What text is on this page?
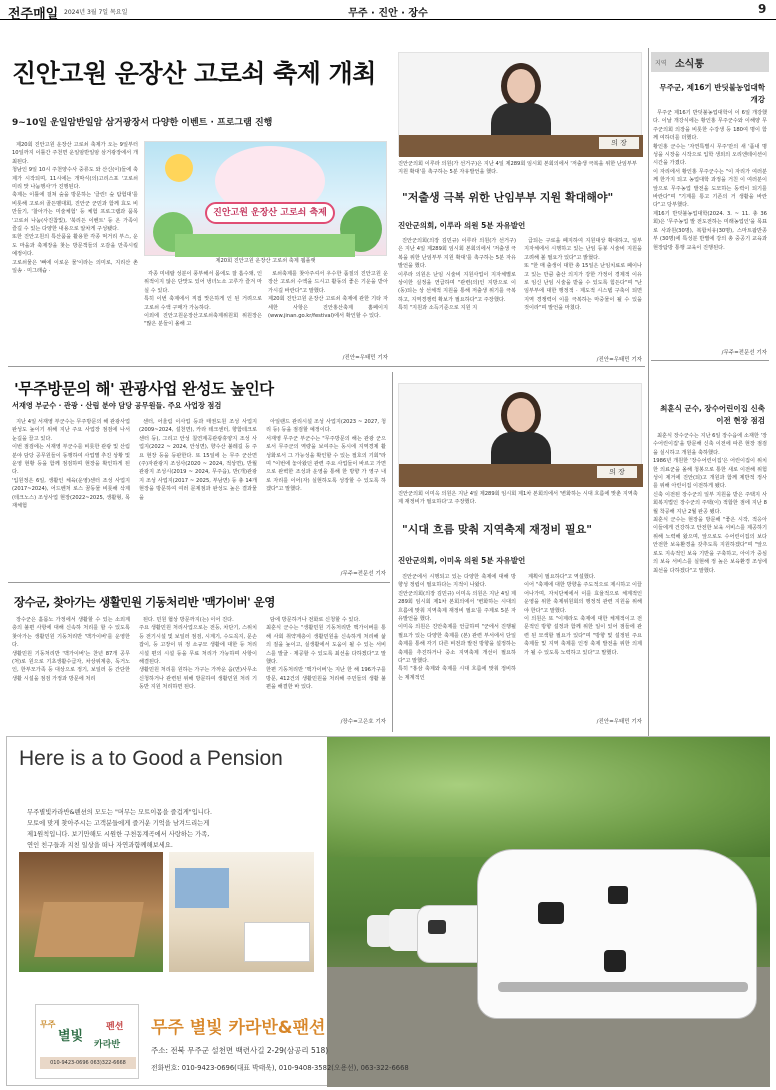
전주매일 2024년 3월 7일 목요일	무주 · 진안 · 장수	9
진안고원 운장산 고로쇠 축제 개최
9~10일 운일암반일암 삼거광장서 다양한 이벤트 · 프로그램 진행
제20회 진안고원 운장산 고로쇠 축제가 오는 9일부터 10일까지 이틀간 주천면 운일암반일암 삼거광장에서 개최된다.
청남인 9일 10시 주천양수사 중류도 와 산신(이)들에 축제가 시작되며, 11시에는 개막식(의)고리스포 '고로쇠 미리 맛 나눔행사'가 진행된다.
축제는 이틀에 걸쳐 숲을 방문하는 '클린! 숲 탐험대'를 비롯해 고로쇠 골든벨대회, 진안군 군민과 함께 효도 비 만들기, '찰아가는 미술체험' 등 체험 프로그램과 품목 '고로쇠 나눔(사진참빛), '북리든 이벤트' 등 온 가족이 즐길 수 있는 다양한 내용으로 알차게 구성됐다.
또한 진안고원의 특산품을 활용한 각종 먹거리 부스, 운도 마을과 축제장을 찾는 방문객들의 오감을 만족시킬 예정이다.
고로쇠물은 '뼈에 이로운 물'이라는 의미로, 지리산 촌 일송 · 미그래슘 ·
진안고원 운장산 고로쇠 축제
제20회 진안고원 운장산 고로쇠 축제 웹플랫
각종 미네랄 성분이 풍부해서 몸에도 잘 흡수돼, 인위적이지 않은 단맛도 있어 냉녀노소 고루가 즐겨 마실 수 있다.
특히 이번 축제에서 직접 맛은하게 인 된 거려으로 고로쇠 수액 구매가 가능하다.
이외에 진안고원운장산고로쇠축제위원회 위원장은 "많은 분들이 올해 고
로쇠축제를 찾아주셔서 우수한 품질의 진안고원 운장산 고로쇠 수액을 드시고 활동의 좋은 기운을 받아가시길 바란다"고 말했다.
제20회 진안고원 운장산 고로쇠 축제에 관한 기타 자세한 사항은 진안홍산축제 홈페이지(www.jinan.go.kr/festival)에서 확인할 수 있다.
/진안=우태민 기자
의 장
진안군의회 이루라 의원(가 선거구)은 지난 4일 제289회 임시회 본회의에서 '저출생 극복을 위한 난임부부 지원 확대'를 촉구하는 5분 자유발언을 했다.
"저출생 극복 위한 난임부부 지원 확대해야"
진안군의회, 이루라 의원 5분 자유발언
진안군의회(의장 김민규) 이루라 의원(가 선거구)은 지난 4일 제289회 임시회 본회의에서 '저출생 극복을 위한 난임부부 지원 확대'를 촉구하는 5분 자유발언을 했다.
이루라 의원은 난임 시술비 지원사업이 지자체별로 상이한 실정을 연급하며 "관련(의)인 지방으로 이(동)되는 상 선체적 지원을 통해 저출생 위기를 극복하고, 지역경쟁력 확보가 필요하다"고 주장했다.
특히 "지원과 소득기준으로 지원 지
급되는 구로을 폐지하여 지원대상 확대하고, 일부 지자체에서 시행하고 있는 난임 등봉 시술비 지원을 고려해 볼 필요가 있다"고 밝혔다.
또 "한 매 출생이 대한 총 15일은 난임치료로 폐이나고 있는 만큼 출산 의지가 강한 가정이 경제적 이유로 임신 난임 시술을 받을 수 있도록 힘든다"며 "난임부부에 대한 행정적 · 제도적 시스템 구축이 되면 지역 경쟁력이 이를 극복하는 마중물이 될 수 있을 것이라"며 발언을 마쳤다.
/진안=우태민 기자
지역 소식통
무주군, 제16기 반딧불농업대학 개강
무주군 제16기 반딧불농업대학이 이 6일 개강했다. 이날 개강식에는 황인홍 무주군수와 이해양 무주군의회 의장을 비롯한 수강생 등 180여 명이 함께 여하더를 더했다.
황인홍 군수는 '자연특별시 무주'만의 새 '품내 명성을 시장을 시작으로 입학 생외의 오리엔테이션이 시간을 가졌다.
이 자리에서 황인홍 무주군수는 "이 자리가 여러분께 한가지 되고 농업대학 과정을 거친 이 여러분이 앞으로 무주농업 발전을 도모하는 동력이 되기를 바란다"며 "기계를 통고 기존의 거 생활을 바란다"고 당부했다.
제16기 반딧불농업대학(2024. 3. ~ 11. 총 36회)은 '무주농업 발 전도전하는 미래농업인'을 목표로 사과원(30명), 복합치유(30명), 스마트팜반종부 (30명)에 특성분 반별에 강의 총 중공기 교육과 현장탐방 통행 교육이 진행된다.
/무주=전문선 기자
최훈식 군수, 장수어린이집 신축 이전 현장 점검
최훈식 장수군수는 지난 6일 장수읍에 소재한 '장수어린이집'을 방문해 신축 이전에 따른 현장 점검을 실시하고 개원을 축하했다.
1986년 개원한 '장수어린이집'은 어린이집이 위치한 의료군을 올해 청봉으로 통한 새로 이전해 위험성이 제거에 진안(되)고 개원과 함께 제반적 정사를 위해 아린이집 이전하게 됐다.
신축 이전된 장수군의 일부 지원을 받은 주택지 사회복지법인 장수군의 주택(이) 적합한 점에 지난 8월 착공해 지난 2월 완공 됐다.
최훈식 군수는 현장을 방문해 "좋은 시작, 적응아이들에게 건강하고 안전한 보육 서비스를 제공하기 위해 노력해 왔으며, 앞으로도 수어린이집의 보다 안전한 보육환경을 갖추도록 지원하겠다"며 "앞으로도 지속적인 보육 기반을 구축하고, 아이가 중심의 보육 서비스를 실현해 정 높은 보육환경 조성에 최선을 다하겠다"고 말했다.
'무주방문의 해' 관광사업 완성도 높인다
서재영 부군수 · 관광 · 산림 분야 담당 공무원들. 주요 사업장 점검
지난 4일 서재영 부군수는 무주방문의 해 관광사업 완성도 높이기 위해 지난 주요 사업장 점검에 나서 눈길을 끌고 있다.
이번 점검에는 서재영 부군수를 비롯한 관광 및 산림 분야 담당 공무원들이 동행하여 사업별 추진 상황 및 운영 현황 등을 함께 점검하며 현장을 확인하게 된다.
'입원정은 6일, 생활인 체육(운영)센터 조성 사업지(2017~2024), 어드벤처 로스 꿈동물 비롯해 삭제(테크노스) 조성사업 현장(2022~2025, 생활형, 목재체험
센터, 어울림 이사업 등과 태권도원 조성 사업지(2009~2024, 설천면), 카라 테크센터, 향함테크로센터 등), 그리고 안성 칠연계곡관광휴양지 조성 사업지(2022 ~ 2024, 안성면), 향수산 불레길 등 주요 현장 등을 등판한다. 또 15일에 는 무주 군산면(주)자관광지 조성사(2020 ~ 2024, 적상면), 반월관광지 조성시(2019 ~ 2024, 무주읍), 반(개)관광지 조성 사업지(2017 ~ 2025, 부남면) 등 총 14개 현장을 방문하여 여러 문제점과 완성도 높은 결과물을
아일랜드 관리시설 조성 사업지(2023 ~ 2027, 청리 등) 등을 점검할 예정이다.
서재영 무주군 부군수는 "무주방문의 해는 관광 군으로서 무주군의 역량을 보여주는 동시에 지역경제 활성화로서 그 가능성을 확인할 수 있는 절호의 기회"라며 "이번에 놓아왔던 관련 주요 사업들이 바르고 가면으로 완벽한 조성과 운영을 통해 한 방향 가 영구 내로 자리를 이어(자) 실현하도록 성장할 수 있도록 하겠다"고 말했다.
/무주=전문선 기자
의 장
진안군의회 이미옥 의원은 지난 4일 제289회 임시회 제1차 본회의에서 '변화하는 시대 흐름에 맞춘 지역축제 재정비가 필요하다'고 주장했다.
"시대 흐름 맞춰 지역축제 재정비 필요"
진안군의회, 이미옥 의원 5분 자유발언
진안군에서 시행되고 있는 다양한 축제에 대해 방향성 정립이 필요하다는 지적이 나왔다.
진안군의회(의장 김민규) 이미옥 의원은 지난 4일 제289회 임시회 제1차 본회의에서 '변화하는 시대의 흐름에 맞춰 지역축제 재정비 필요'를 주제로 5분 자유발언을 했다.
이미옥 의원은 진안축제를 언급하며 "군에서 진행될 필요가 있는 다양한 축제를 (본) 관련 부서에서 단일 축제를 통해 각기 다른 비전과 발전 방향을 설정하는 축제를 추진하거나 중소 지역축제 개선이 필요하다"고 말했다.
특히 "홍삼 축제와 축제를 시대 흐름에 맞춰 정비하는 제계적인
계획이 필요하다"고 역설했다.
이어 "축제에 대한 방향을 주도적으로 제시하고 이끌어나가며, 자치단체에서 이를 효율적으로 체계적인 운영을 위한 축제위원회의 행정적 관련 지원을 위해야 한다"고 말했다.
이 의원은 또 "이제라도 축제에 대한 체계적이고 전문적인 방향 설정과 함께 위한 일이 있어 점들에 관련 된 모색할 필요가 있다"며 "방향 및 설정된 주요 축제들 및 지역 축제를 인정 축제 발전을 위한 의제가 될 수 있도록 노력하고 있다"고 말했다.
/진안=우태민 기자
장수군, 찾아가는 생활민원 기동처리반 '맥가이버' 운영
장수군은 홀몸노 가정에서 생활할 수 있는 소외계층의 불편 사항에 대해 신속하 처리를 할 수 있도록 찾아가는 생활민원 기동처리반 '맥가이버'를 운영한다.
생활민원 기동처리반 '맥가이버'는 찬년 87개 공무(처)로 원으로 기초생활수급자, 차상위계층, 독거노인, 한부모가족 등 대상으로 정기, 보일러 등 간단한 생활 시설을 점검 가정과 방문에 처리
된다. 민원 협상 방문까지(는) 이어 진다.
주요 생활민원 처리사업으로는 전등, 차단기, 스위치 등 전기시설 및 보일러 점검, 시계기, 수도꼭지, 문손잡이, 등 고장이 뒤 정 소규모 생활에 대한 등 처리 시설 편의 시설 등을 무료 처리가 가능하며 사항이 해결된다.
생활민원 처리를 원하는 가구는 가까운 읍(면)사무소 신청하거나 관련된 위해 방문하여 생활민원 처리 기동반 지원 처리하면 된다.
담에 방문하거나 전화로 신청할 수 있다.
최훈식 군수는 "생활민원 기동처리반 맥가이버를 통해 사회 취약계층이 생활민원을 신속하게 처리해 삶의 질을 높이고, 실생활에서 도움이 될 수 있는 서비스를 발굴 · 제공할 수 있도록 최선을 다하겠다"고 말했다.
한편 기동처리반 '맥가이버'는 지난 한 해 196가구를 방문, 412건의 생활민원을 처리해 주민들의 생활 불편을 해결한 바 있다.
/장수=고은호 기자
Here is a to Good a Pension
무주별빛카라반&펜션의 모도는 "머무는 모트이몸을 즐겁게"입니다.
모토에 맞게 찾아주시는 고객분들에게 즐거운 기억을 남겨드리는게
제1원칙입니다. 보기만해도 시원한 구천동계곡에서 사랑하는 가족,
연인 친구들과 지친 일상을 떠나 자연과함께해보세요.
무주
별빛
펜션
카라반
010-9423-0696 063)322-6668
무주 별빛 카라반&팬션
주소: 전북 무주군 설천면 백련사길 2-29(삼공리 518)
전화번호: 010-9423-0696(대표 박태욱), 010-9408-3582(오용선), 063-322-6668
